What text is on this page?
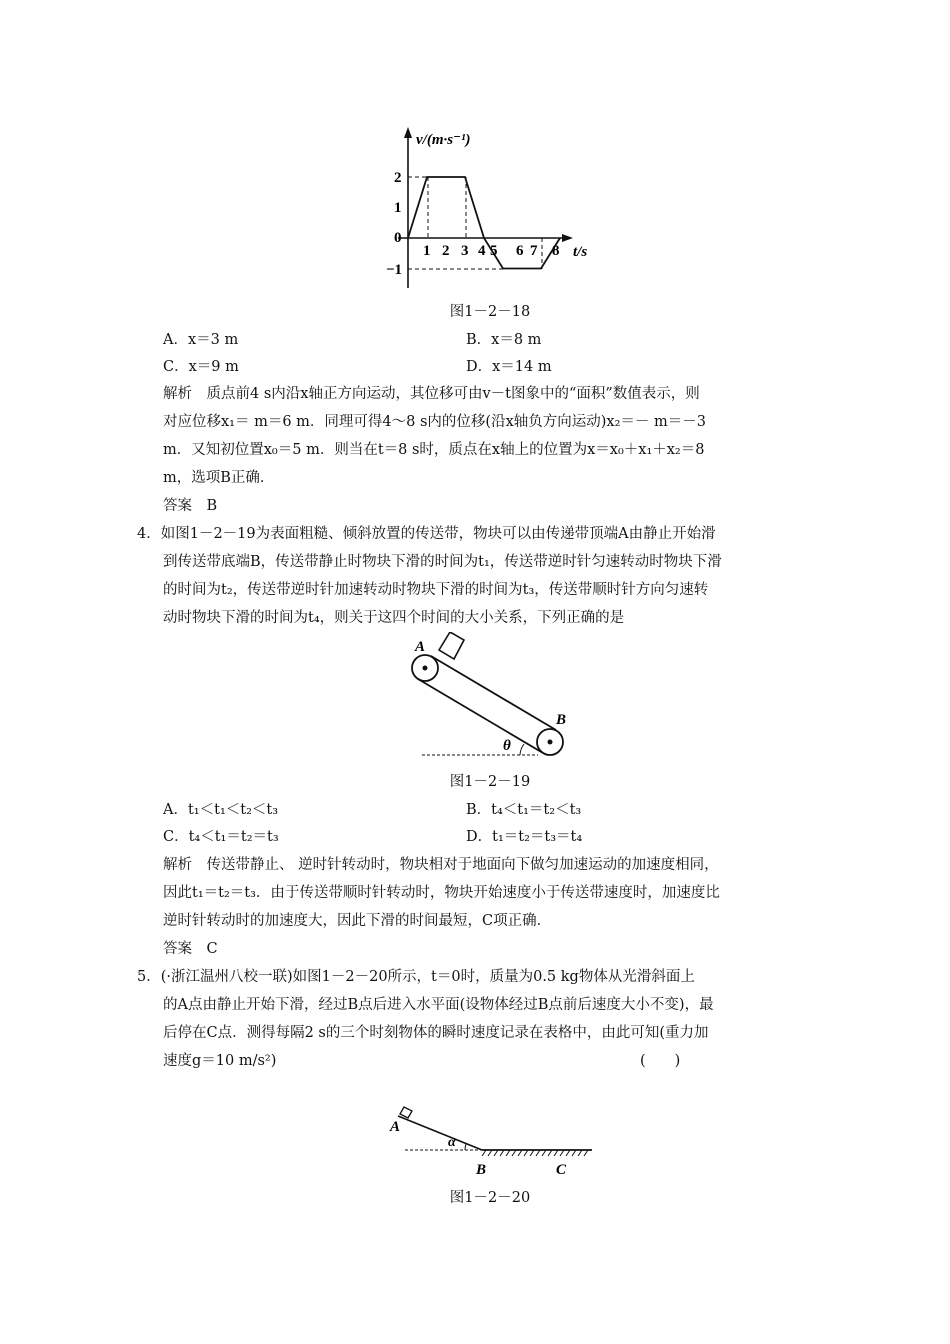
v/(m·s⁻¹)
t/s
0
2
1
−1
1 2 3 4 5 6 7 8
图1－2－18
A．x＝3 m	B．x＝8 m
C．x＝9 m	D．x＝14 m
解析　质点前4 s内沿x轴正方向运动，其位移可由v－t图象中的“面积”数值表示，则
对应位移x₁＝ m＝6 m．同理可得4～8 s内的位移(沿x轴负方向运动)x₂＝－ m＝－3
m．又知初位置x₀＝5 m．则当在t＝8 s时，质点在x轴上的位置为x＝x₀＋x₁＋x₂＝8
m，选项B正确．
答案　B
4．如图1－2－19为表面粗糙、倾斜放置的传送带，物块可以由传递带顶端A由静止开始滑
到传送带底端B，传送带静止时物块下滑的时间为t₁，传送带逆时针匀速转动时物块下滑
的时间为t₂，传送带逆时针加速转动时物块下滑的时间为t₃，传送带顺时针方向匀速转
动时物块下滑的时间为t₄，则关于这四个时间的大小关系，下列正确的是
A
B
θ
图1－2－19
A．t₁＜t₁＜t₂＜t₃	B．t₄＜t₁＝t₂＜t₃
C．t₄＜t₁＝t₂＝t₃	D．t₁＝t₂＝t₃＝t₄
解析　传送带静止、 逆时针转动时，物块相对于地面向下做匀加速运动的加速度相同，
因此t₁＝t₂＝t₃．由于传送带顺时针转动时，物块开始速度小于传送带速度时，加速度比
逆时针转动时的加速度大，因此下滑的时间最短，C项正确．
答案　C
5．(·浙江温州八校一联)如图1－2－20所示，t＝0时，质量为0.5 kg物体从光滑斜面上
的A点由静止开始下滑，经过B点后进入水平面(设物体经过B点前后速度大小不变)，最
后停在C点．测得每隔2 s的三个时刻物体的瞬时速度记录在表格中，由此可知(重力加
速度g＝10 m/s²)	(　　)
A
α
B	C
图1－2－20
